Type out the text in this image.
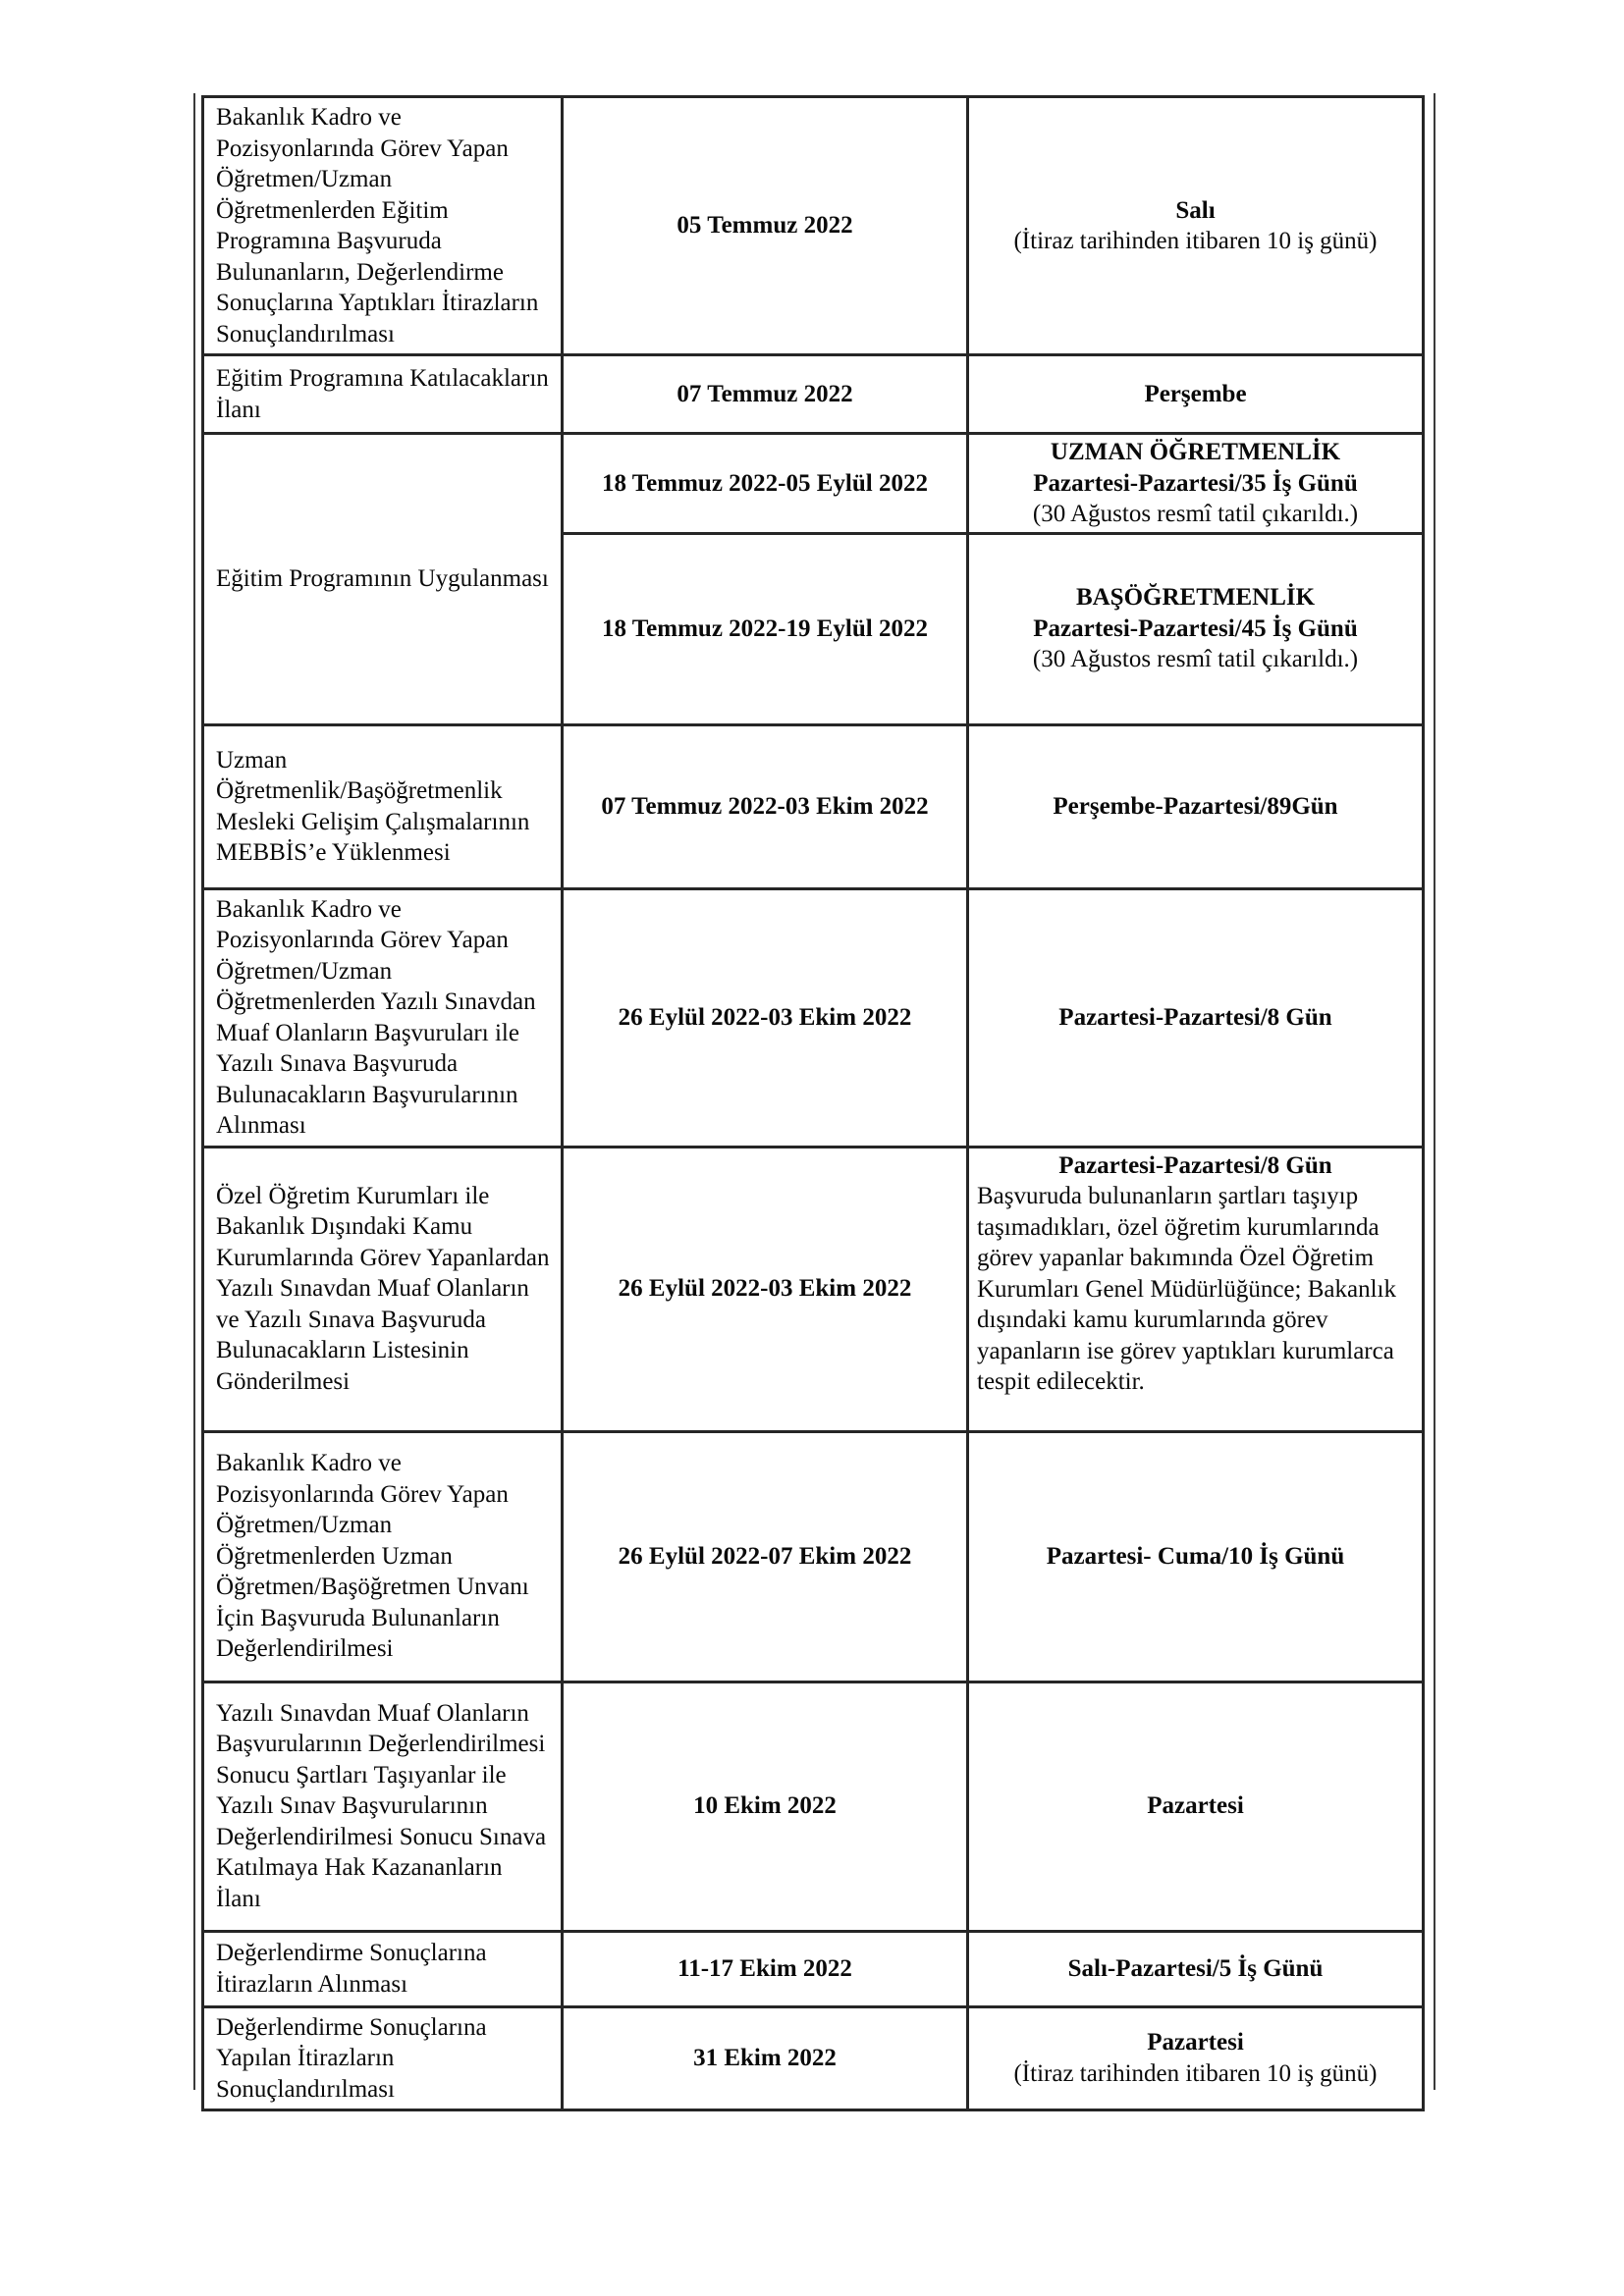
Bakanlık Kadro ve Pozisyonlarında Görev Yapan Öğretmen/Uzman Öğretmenlerden Eğitim Programına Başvuruda Bulunanların, Değerlendirme Sonuçlarına Yaptıkları İtirazların Sonuçlandırılması	05 Temmuz 2022	Salı
(İtiraz tarihinden itibaren 10 iş günü)

Eğitim Programına Katılacakların İlanı	07 Temmuz 2022	Perşembe

Eğitim Programının Uygulanması	18 Temmuz 2022-05 Eylül 2022	UZMAN ÖĞRETMENLİK
Pazartesi-Pazartesi/35 İş Günü
(30 Ağustos resmî tatil çıkarıldı.)

	18 Temmuz 2022-19 Eylül 2022	BAŞÖĞRETMENLİK
Pazartesi-Pazartesi/45 İş Günü
(30 Ağustos resmî tatil çıkarıldı.)

Uzman Öğretmenlik/Başöğretmenlik Mesleki Gelişim Çalışmalarının MEBBİS’e Yüklenmesi	07 Temmuz 2022-03 Ekim 2022	Perşembe-Pazartesi/89Gün

Bakanlık Kadro ve Pozisyonlarında Görev Yapan Öğretmen/Uzman Öğretmenlerden Yazılı Sınavdan Muaf Olanların Başvuruları ile Yazılı Sınava Başvuruda Bulunacakların Başvurularının Alınması	26 Eylül 2022-03 Ekim 2022	Pazartesi-Pazartesi/8 Gün

Özel Öğretim Kurumları ile Bakanlık Dışındaki Kamu Kurumlarında Görev Yapanlardan Yazılı Sınavdan Muaf Olanların ve Yazılı Sınava Başvuruda Bulunacakların Listesinin Gönderilmesi	26 Eylül 2022-03 Ekim 2022	Pazartesi-Pazartesi/8 Gün
Başvuruda bulunanların şartları taşıyıp taşımadıkları, özel öğretim kurumlarında görev yapanlar bakımında Özel Öğretim Kurumları Genel Müdürlüğünce; Bakanlık dışındaki kamu kurumlarında görev yapanların ise görev yaptıkları kurumlarca tespit edilecektir.

Bakanlık Kadro ve Pozisyonlarında Görev Yapan Öğretmen/Uzman Öğretmenlerden Uzman Öğretmen/Başöğretmen Unvanı İçin Başvuruda Bulunanların Değerlendirilmesi	26 Eylül 2022-07 Ekim 2022	Pazartesi- Cuma/10 İş Günü

Yazılı Sınavdan Muaf Olanların Başvurularının Değerlendirilmesi Sonucu Şartları Taşıyanlar ile Yazılı Sınav Başvurularının Değerlendirilmesi Sonucu Sınava Katılmaya Hak Kazananların İlanı	10 Ekim 2022	Pazartesi

Değerlendirme Sonuçlarına İtirazların Alınması	11-17 Ekim 2022	Salı-Pazartesi/5 İş Günü

Değerlendirme Sonuçlarına Yapılan İtirazların Sonuçlandırılması	31 Ekim 2022	Pazartesi
(İtiraz tarihinden itibaren 10 iş günü)
